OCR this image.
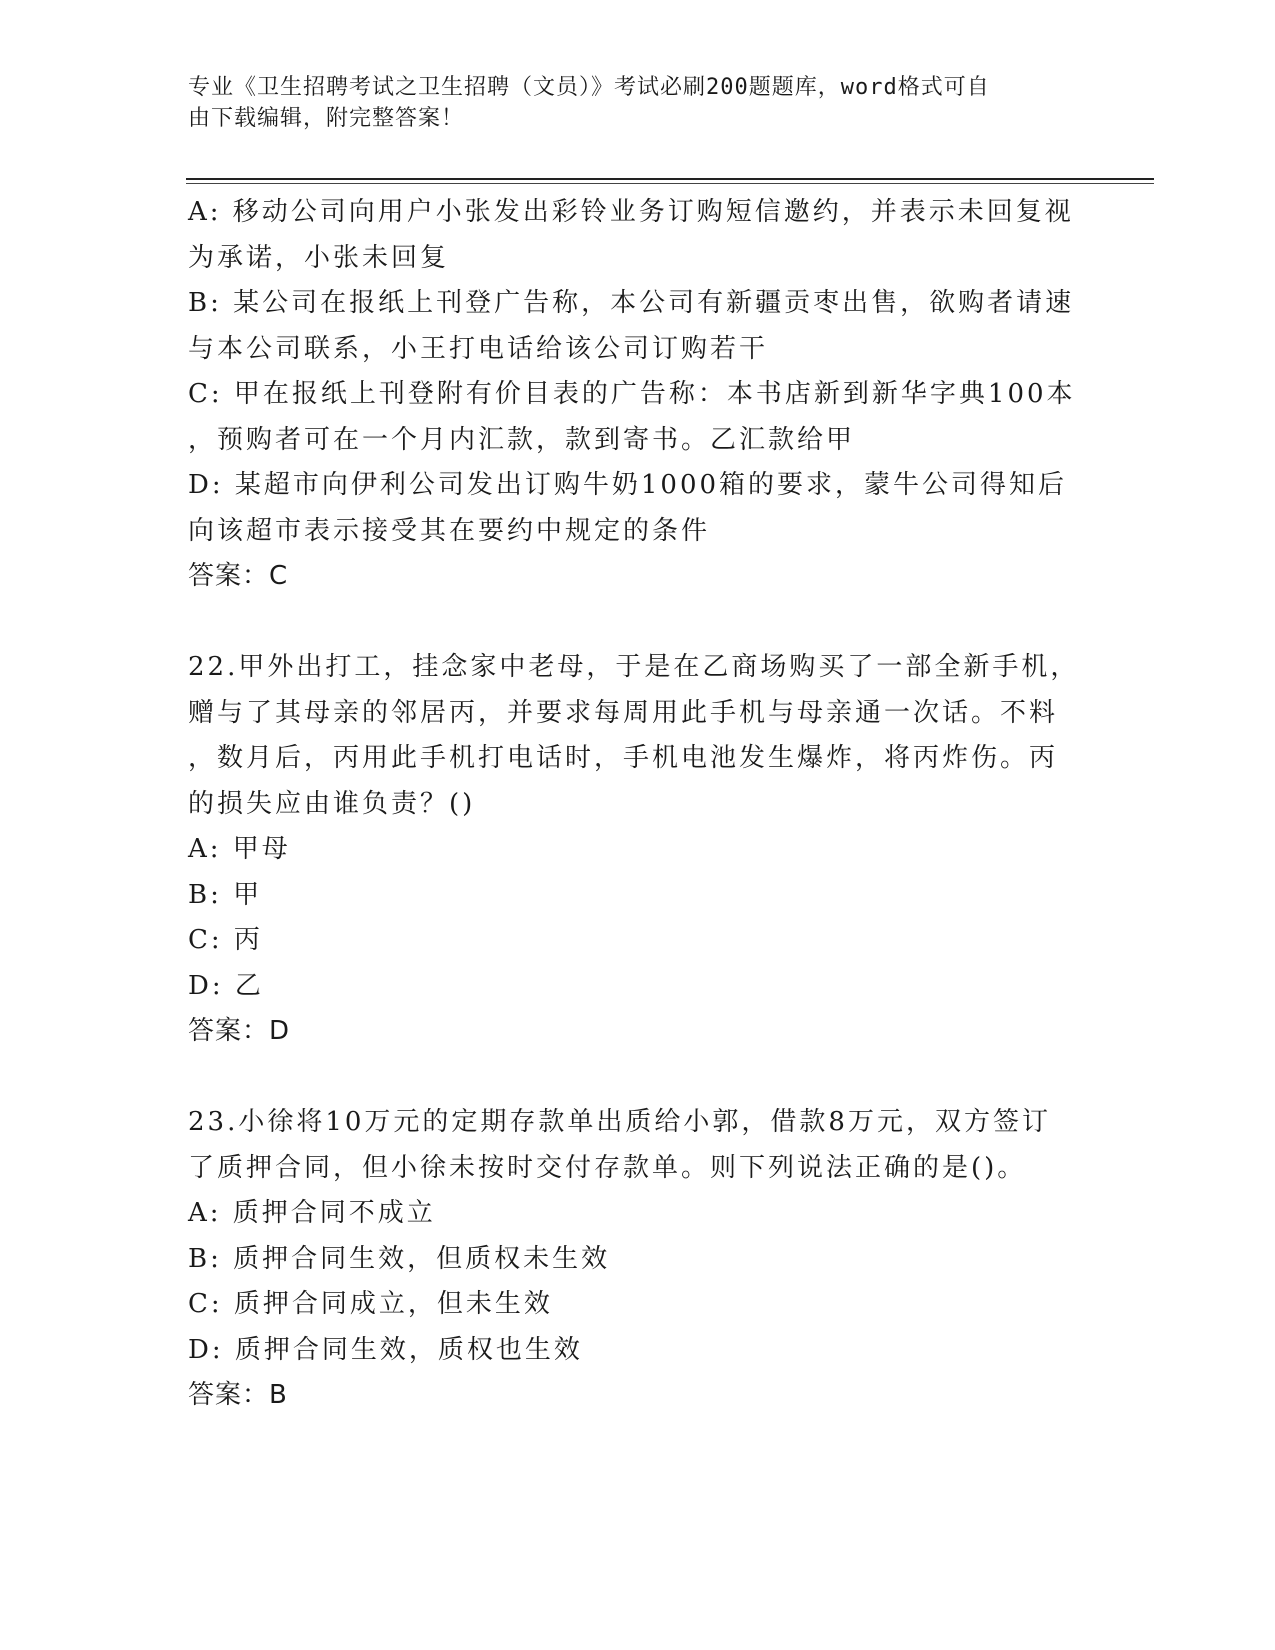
专业《卫生招聘考试之卫生招聘（文员）》考试必刷200题题库，word格式可自
由下载编辑，附完整答案！
A: 移动公司向用户小张发出彩铃业务订购短信邀约，并表示未回复视
为承诺，小张未回复
B: 某公司在报纸上刊登广告称，本公司有新疆贡枣出售，欲购者请速
与本公司联系，小王打电话给该公司订购若干
C: 甲在报纸上刊登附有价目表的广告称：本书店新到新华字典100本
，预购者可在一个月内汇款，款到寄书。乙汇款给甲
D: 某超市向伊利公司发出订购牛奶1000箱的要求，蒙牛公司得知后
向该超市表示接受其在要约中规定的条件
答案：C
22.甲外出打工，挂念家中老母，于是在乙商场购买了一部全新手机，
赠与了其母亲的邻居丙，并要求每周用此手机与母亲通一次话。不料
，数月后，丙用此手机打电话时，手机电池发生爆炸，将丙炸伤。丙
的损失应由谁负责？()
A: 甲母
B: 甲
C: 丙
D: 乙
答案：D
23.小徐将10万元的定期存款单出质给小郭，借款8万元，双方签订
了质押合同，但小徐未按时交付存款单。则下列说法正确的是()。
A: 质押合同不成立
B: 质押合同生效，但质权未生效
C: 质押合同成立，但未生效
D: 质押合同生效，质权也生效
答案：B
